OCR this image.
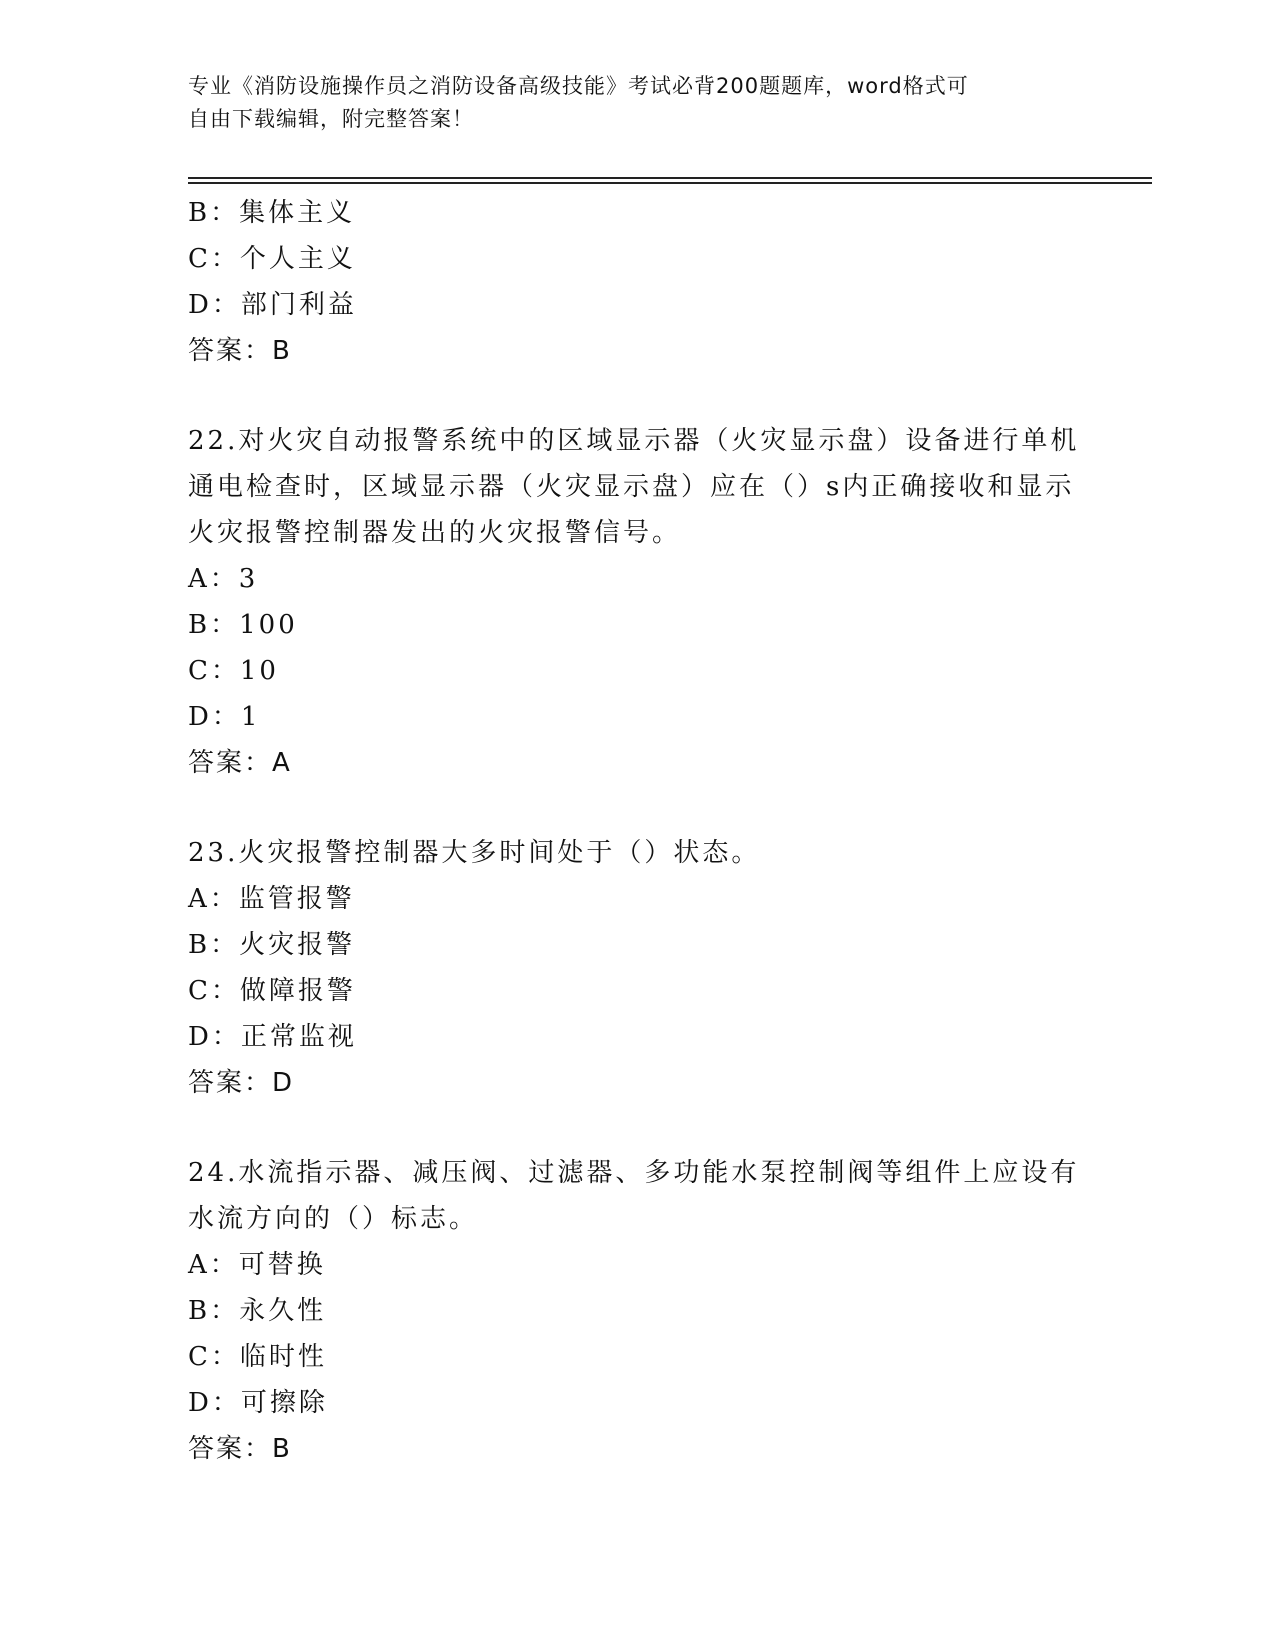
专业《消防设施操作员之消防设备高级技能》考试必背200题题库，word格式可
自由下载编辑，附完整答案！
B：集体主义
C：个人主义
D：部门利益
答案：B
22.对火灾自动报警系统中的区域显示器（火灾显示盘）设备进行单机
通电检查时，区域显示器（火灾显示盘）应在（）s内正确接收和显示
火灾报警控制器发出的火灾报警信号。
A：3
B：100
C：10
D：1
答案：A
23.火灾报警控制器大多时间处于（）状态。
A：监管报警
B：火灾报警
C：做障报警
D：正常监视
答案：D
24.水流指示器、减压阀、过滤器、多功能水泵控制阀等组件上应设有
水流方向的（）标志。
A：可替换
B：永久性
C：临时性
D：可擦除
答案：B
